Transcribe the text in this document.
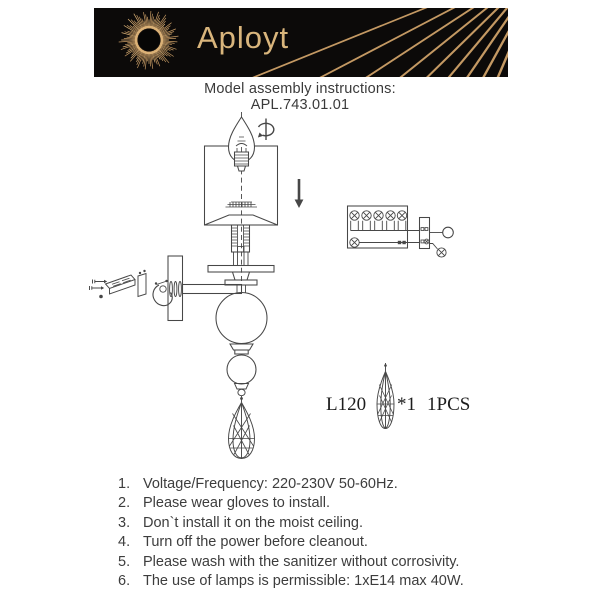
Aployt
Model assembly instructions:
APL.743.01.01
L120 *1 1PCS
1. Voltage/Frequency: 220-230V 50-60Hz.
2. Please wear gloves to install.
3. Don`t install it on the moist ceiling.
4. Turn off the power before cleanout.
5. Please wash with the sanitizer without corrosivity.
6. The use of lamps is permissible: 1xE14 max 40W.
